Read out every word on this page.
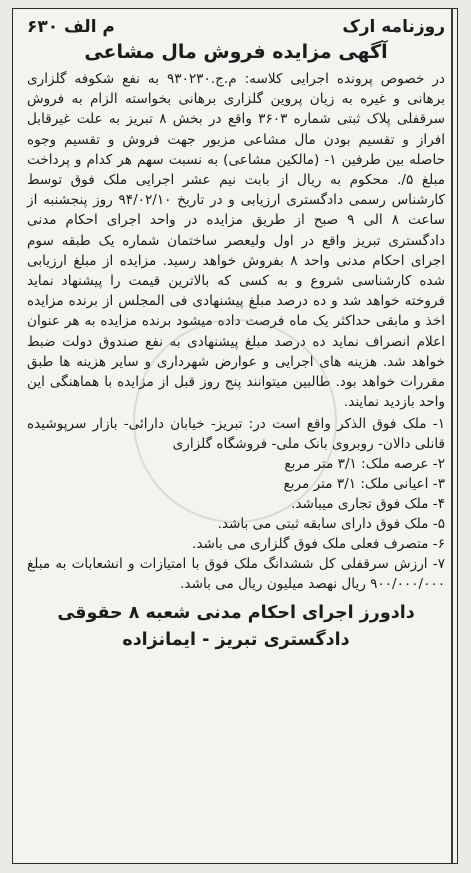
روزنامه ارک
م الف ۶۳۰
آگهی مزایده فروش مال مشاعی

در خصوص پرونده اجرایی کلاسه: م.ج.۹۳۰۲۳۰ به نفع شکوفه گلزاری برهانی و غیره به زیان پروین گلزاری برهانی بخواسته الزام به فروش سرقفلی پلاک ثبتی شماره ۳۶۰۳ واقع در بخش ۸ تبریز به علت غیرقابل افراز و تقسیم بودن مال مشاعی مزبور جهت فروش و تقسیم وجوه حاصله بین طرفین ۱- (مالکین مشاعی) به نسبت سهم هر کدام و پرداخت مبلغ ۵/. محکوم به ریال از بابت نیم عشر اجرایی ملک فوق توسط کارشناس رسمی دادگستری ارزیابی و در تاریخ ۹۴/۰۲/۱۰ روز پنجشنبه از ساعت ۸ الی ۹ صبح از طریق مزایده در واحد اجرای احکام مدنی دادگستری تبریز واقع در اول ولیعصر ساختمان شماره یک طبقه سوم اجرای احکام مدنی واحد ۸ بفروش خواهد رسید. مزایده از مبلغ ارزیابی شده کارشناسی شروع و به کسی که بالاترین قیمت را پیشنهاد نماید فروخته خواهد شد و ده درصد مبلغ پیشنهادی فی المجلس از برنده مزایده اخذ و مابقی حداکثر یک ماه فرصت داده میشود برنده مزایده به هر عنوان اعلام انصراف نماید ده درصد مبلغ پیشنهادی به نفع صندوق دولت ضبط خواهد شد. هزینه های اجرایی و عوارض شهرداری و سایر هزینه ها طبق مقررات خواهد بود. طالبین میتوانند پنج روز قبل از مزایده با هماهنگی این واحد بازدید نمایند.

۱- ملک فوق الذکر واقع است در: تبریز- خیابان دارائی- بازار سرپوشیده قانلی دالان- روبروی بانک ملی- فروشگاه گلزاری
۲- عرصه ملک: ۳/۱ متر مربع
۳- اعیانی ملک: ۳/۱ متر مربع
۴- ملک فوق تجاری میباشد.
۵- ملک فوق دارای سابقه ثبتی می باشد.
۶- متصرف فعلی ملک فوق گلزاری می باشد.
۷- ارزش سرقفلی کل ششدانگ ملک فوق با امتیازات و انشعابات به مبلغ ۹۰۰/۰۰۰/۰۰۰ ریال نهصد میلیون ریال می باشد.
دادورز اجرای احکام مدنی شعبه ۸ حقوقی
دادگستری تبریز - ایمانزاده
